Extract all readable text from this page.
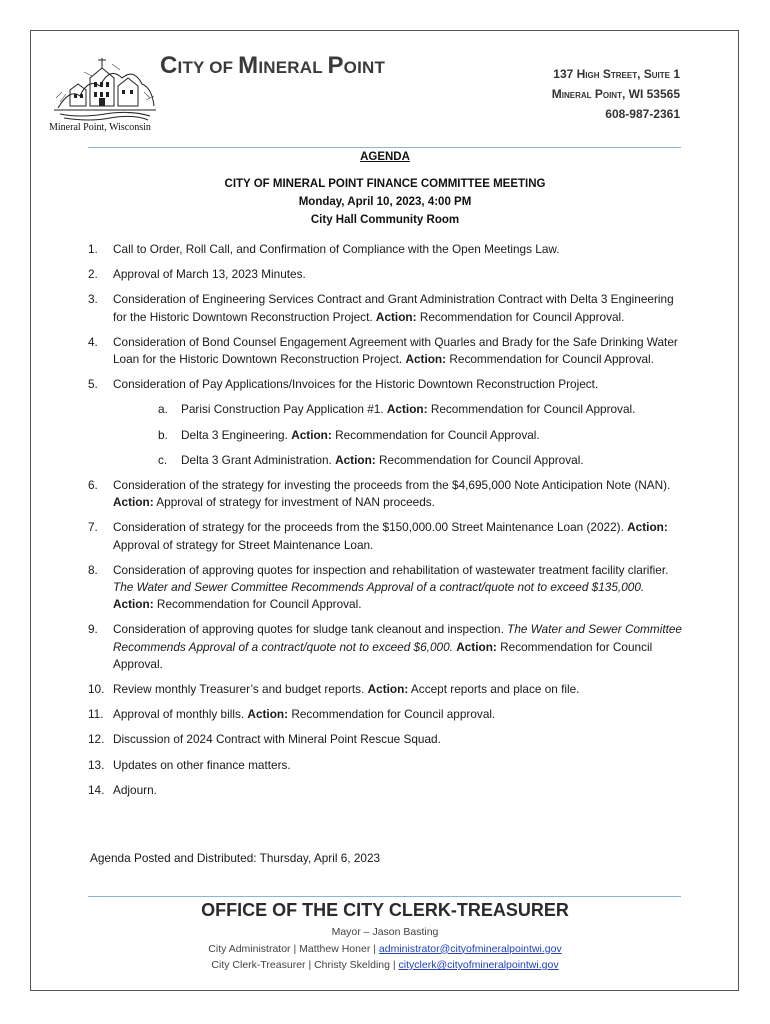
Mineral Point, Wisconsin
CITY OF MINERAL POINT	137 High Street, Suite 1
Mineral Point, WI 53565
608-987-2361
AGENDA
CITY OF MINERAL POINT FINANCE COMMITTEE MEETING
Monday, April 10, 2023, 4:00 PM
City Hall Community Room
1. Call to Order, Roll Call, and Confirmation of Compliance with the Open Meetings Law.
2. Approval of March 13, 2023 Minutes.
3. Consideration of Engineering Services Contract and Grant Administration Contract with Delta 3 Engineering for the Historic Downtown Reconstruction Project. Action: Recommendation for Council Approval.
4. Consideration of Bond Counsel Engagement Agreement with Quarles and Brady for the Safe Drinking Water Loan for the Historic Downtown Reconstruction Project. Action: Recommendation for Council Approval.
5. Consideration of Pay Applications/Invoices for the Historic Downtown Reconstruction Project.
a. Parisi Construction Pay Application #1. Action: Recommendation for Council Approval.
b. Delta 3 Engineering. Action: Recommendation for Council Approval.
c. Delta 3 Grant Administration. Action: Recommendation for Council Approval.
6. Consideration of the strategy for investing the proceeds from the $4,695,000 Note Anticipation Note (NAN). Action: Approval of strategy for investment of NAN proceeds.
7. Consideration of strategy for the proceeds from the $150,000.00 Street Maintenance Loan (2022). Action: Approval of strategy for Street Maintenance Loan.
8. Consideration of approving quotes for inspection and rehabilitation of wastewater treatment facility clarifier. The Water and Sewer Committee Recommends Approval of a contract/quote not to exceed $135,000. Action: Recommendation for Council Approval.
9. Consideration of approving quotes for sludge tank cleanout and inspection. The Water and Sewer Committee Recommends Approval of a contract/quote not to exceed $6,000. Action: Recommendation for Council Approval.
10. Review monthly Treasurer’s and budget reports. Action: Accept reports and place on file.
11. Approval of monthly bills. Action: Recommendation for Council approval.
12. Discussion of 2024 Contract with Mineral Point Rescue Squad.
13. Updates on other finance matters.
14. Adjourn.
Agenda Posted and Distributed: Thursday, April 6, 2023
OFFICE OF THE CITY CLERK-TREASURER
Mayor – Jason Basting
City Administrator | Matthew Honer | administrator@cityofmineralpointwi.gov
City Clerk-Treasurer | Christy Skelding | cityclerk@cityofmineralpointwi.gov
